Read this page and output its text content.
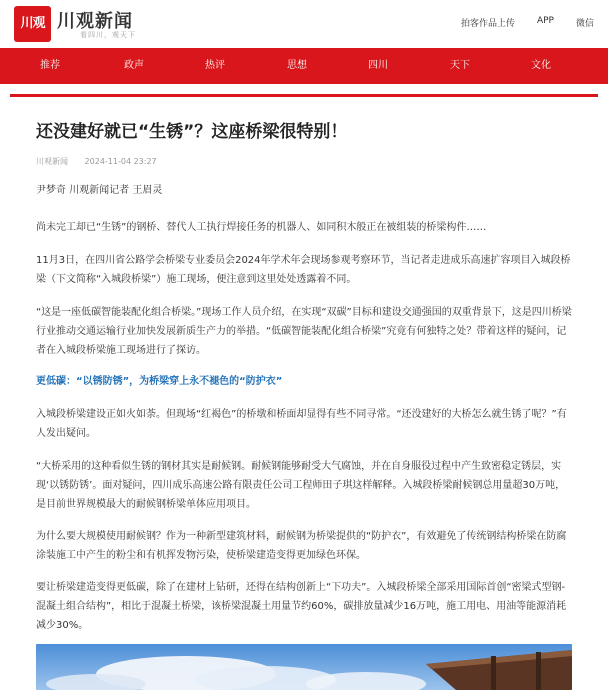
川观 川观新闻
看四川，观天下
拍客作品上传 APP 微信
推荐	政声	热评	思想	四川	天下	文化
还没建好就已“生锈”？这座桥梁很特别！
川观新闻 2024-11-04 23:27
尹梦奇 川观新闻记者 王眉灵
尚未完工却已“生锈”的钢桥、替代人工执行焊接任务的机器人、如同积木般正在被组装的桥梁构件……
11月3日，在四川省公路学会桥梁专业委员会2024年学术年会现场参观考察环节，当记者走进成乐高速扩容项目入城段桥梁（下文简称“入城段桥梁”）施工现场，便注意到这里处处透露着不同。
“这是一座低碳智能装配化组合桥梁。”现场工作人员介绍，在实现“双碳”目标和建设交通强国的双重背景下，这是四川桥梁行业推动交通运输行业加快发展新质生产力的举措。“低碳智能装配化组合桥梁”究竟有何独特之处？带着这样的疑问，记者在入城段桥梁施工现场进行了探访。
更低碳：“以锈防锈”，为桥梁穿上永不褪色的“防护衣”
入城段桥梁建设正如火如荼。但现场“红褐色”的桥墩和桥面却显得有些不同寻常。“还没建好的大桥怎么就生锈了呢？”有人发出疑问。
“大桥采用的这种看似生锈的钢材其实是耐候钢。耐候钢能够耐受大气腐蚀，并在自身服役过程中产生致密稳定锈层，实现‘以锈防锈’。面对疑问，四川成乐高速公路有限责任公司工程师田子琪这样解释。入城段桥梁耐候钢总用量超30万吨，是目前世界规模最大的耐候钢桥梁单体应用项目。
为什么要大规模使用耐候钢？作为一种新型建筑材料，耐候钢为桥梁提供的“防护衣”，有效避免了传统钢结构桥梁在防腐涂装施工中产生的粉尘和有机挥发物污染，使桥梁建造变得更加绿色环保。
要让桥梁建造变得更低碳，除了在建材上钻研，还得在结构创新上“下功夫”。入城段桥梁全部采用国际首创“密梁式型钢-混凝土组合结构”，相比于混凝土桥梁，该桥梁混凝土用量节约60%，碳排放量减少16万吨，施工用电、用油等能源消耗减少30%。
